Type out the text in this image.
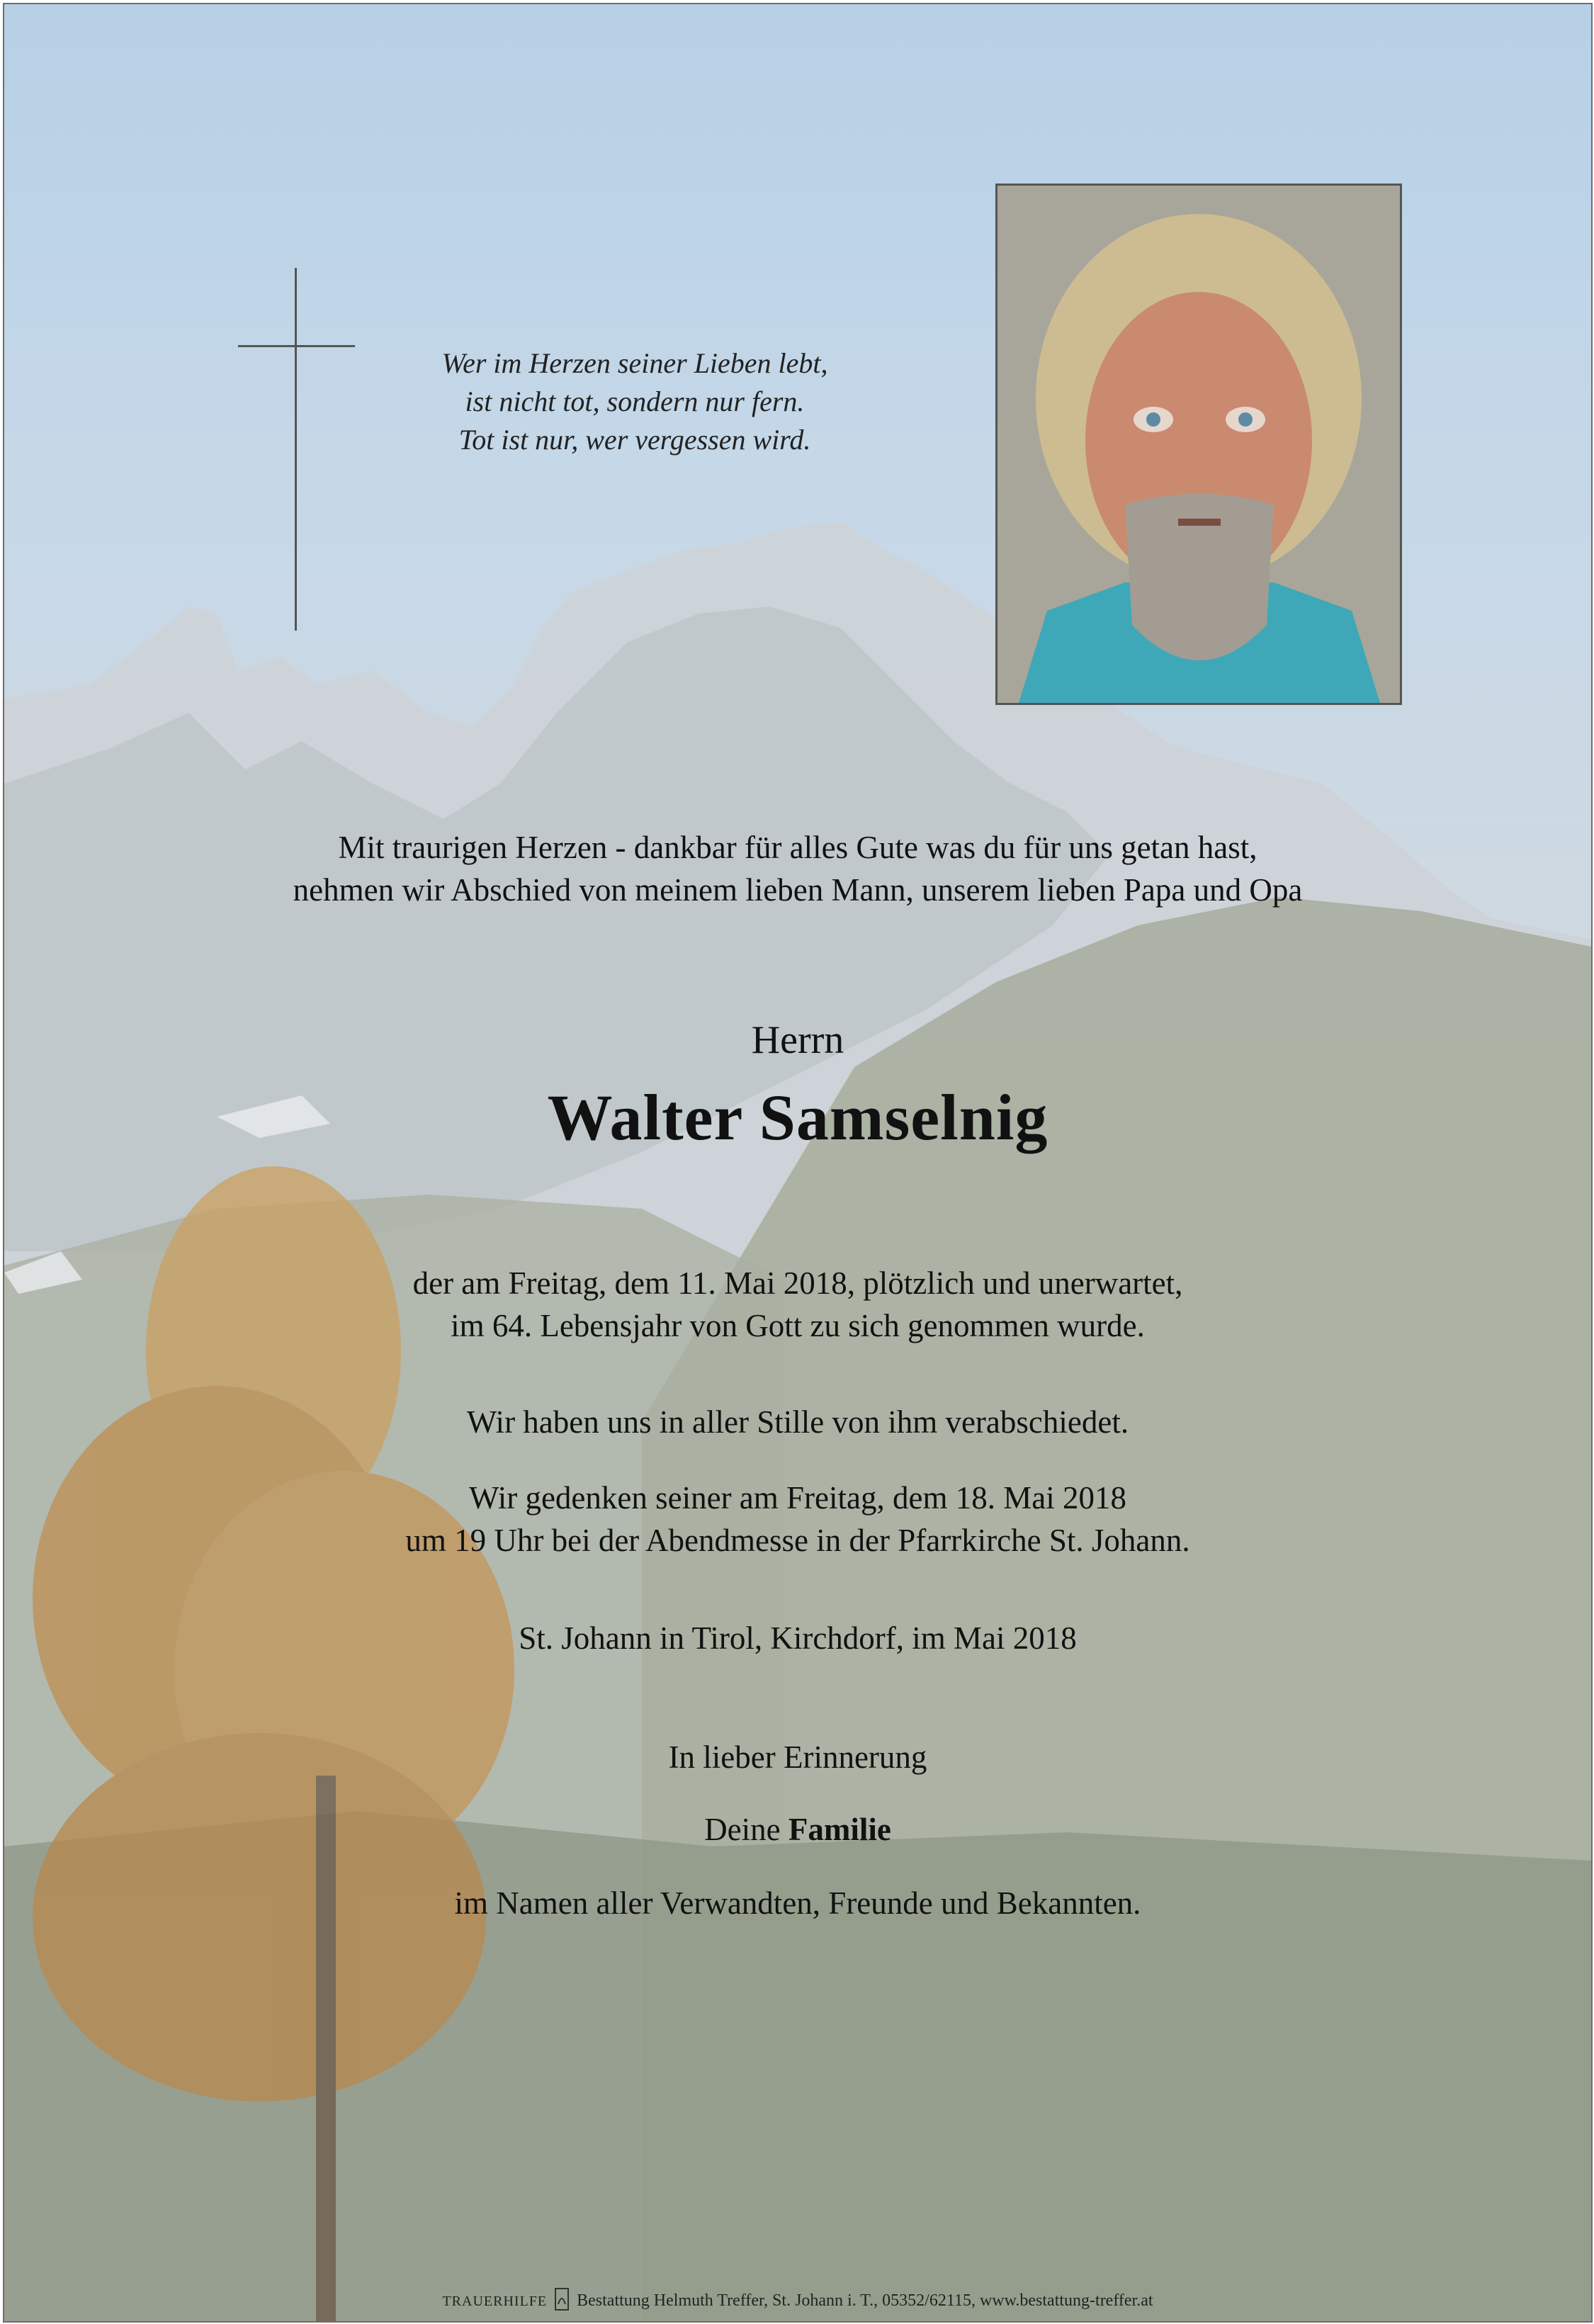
Wer im Herzen seiner Lieben lebt,
ist nicht tot, sondern nur fern.
Tot ist nur, wer vergessen wird.
Mit traurigen Herzen - dankbar für alles Gute was du für uns getan hast,
nehmen wir Abschied von meinem lieben Mann, unserem lieben Papa und Opa
Herrn
Walter Samselnig
der am Freitag, dem 11. Mai 2018, plötzlich und unerwartet,
im 64. Lebensjahr von Gott zu sich genommen wurde.
Wir haben uns in aller Stille von ihm verabschiedet.
Wir gedenken seiner am Freitag, dem 18. Mai 2018
um 19 Uhr bei der Abendmesse in der Pfarrkirche St. Johann.
St. Johann in Tirol, Kirchdorf, im Mai 2018
In lieber Erinnerung
Deine Familie
im Namen aller Verwandten, Freunde und Bekannten.
TRAUERHILFE Bestattung Helmuth Treffer, St. Johann i. T., 05352/62115, www.bestattung-treffer.at
